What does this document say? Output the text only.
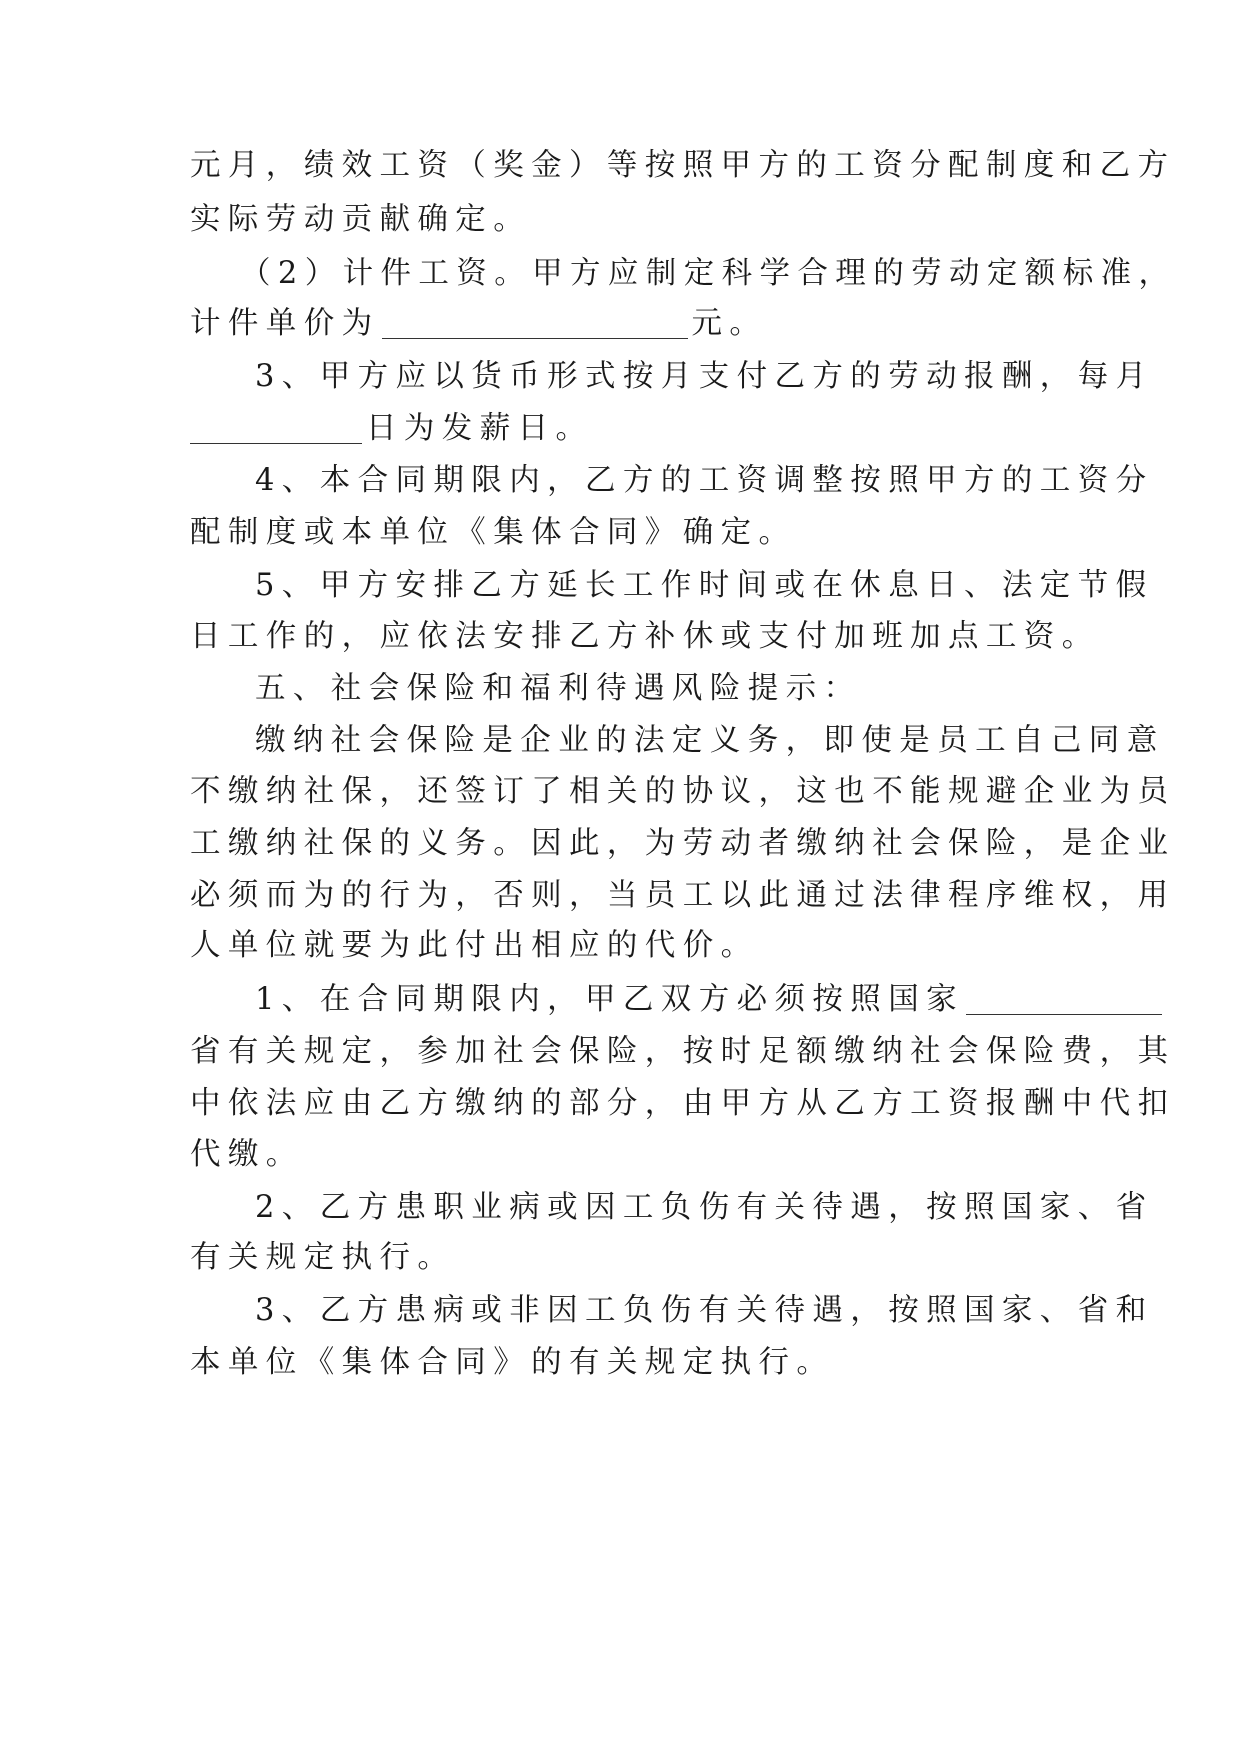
元月，绩效工资（奖金）等按照甲方的工资分配制度和乙方
实际劳动贡献确定。
（2）计件工资。甲方应制定科学合理的劳动定额标准，
计件单价为	元。
3、甲方应以货币形式按月支付乙方的劳动报酬，每月
日为发薪日。
4、本合同期限内，乙方的工资调整按照甲方的工资分
配制度或本单位《集体合同》确定。
5、甲方安排乙方延长工作时间或在休息日、法定节假
日工作的，应依法安排乙方补休或支付加班加点工资。
五、社会保险和福利待遇风险提示：
缴纳社会保险是企业的法定义务，即使是员工自己同意
不缴纳社保，还签订了相关的协议，这也不能规避企业为员
工缴纳社保的义务。因此，为劳动者缴纳社会保险，是企业
必须而为的行为，否则，当员工以此通过法律程序维权，用
人单位就要为此付出相应的代价。
1、在合同期限内，甲乙双方必须按照国家
省有关规定，参加社会保险，按时足额缴纳社会保险费，其
中依法应由乙方缴纳的部分，由甲方从乙方工资报酬中代扣
代缴。
2、乙方患职业病或因工负伤有关待遇，按照国家、省
有关规定执行。
3、乙方患病或非因工负伤有关待遇，按照国家、省和
本单位《集体合同》的有关规定执行。
